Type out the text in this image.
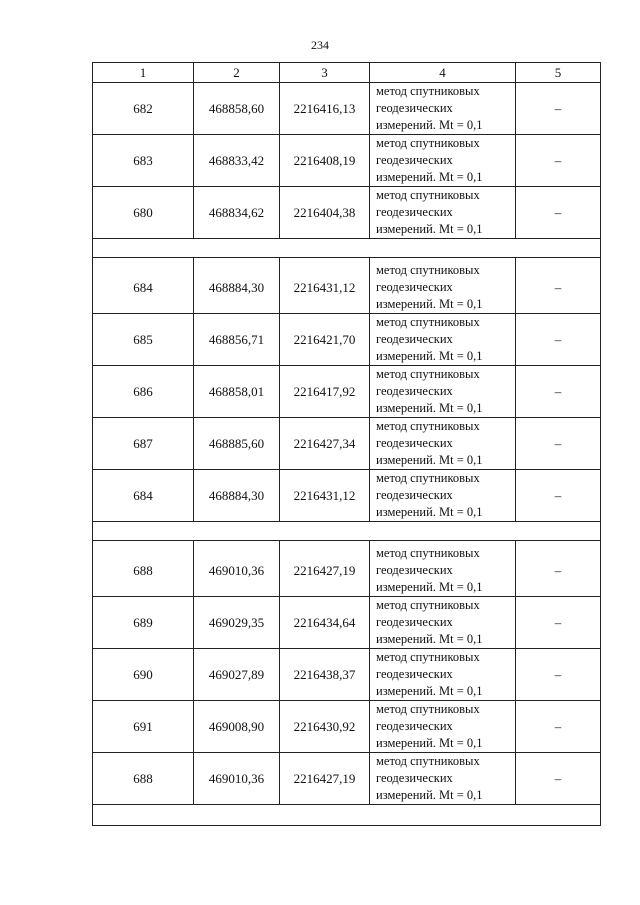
234
1	2	3	4	5
682	468858,60	2216416,13	метод спутниковых
геодезических
измерений. Mt = 0,1	–
683	468833,42	2216408,19	метод спутниковых
геодезических
измерений. Mt = 0,1	–
680	468834,62	2216404,38	метод спутниковых
геодезических
измерений. Mt = 0,1	–

684	468884,30	2216431,12	метод спутниковых
геодезических
измерений. Mt = 0,1	–
685	468856,71	2216421,70	метод спутниковых
геодезических
измерений. Mt = 0,1	–
686	468858,01	2216417,92	метод спутниковых
геодезических
измерений. Mt = 0,1	–
687	468885,60	2216427,34	метод спутниковых
геодезических
измерений. Mt = 0,1	–
684	468884,30	2216431,12	метод спутниковых
геодезических
измерений. Mt = 0,1	–

688	469010,36	2216427,19	метод спутниковых
геодезических
измерений. Mt = 0,1	–
689	469029,35	2216434,64	метод спутниковых
геодезических
измерений. Mt = 0,1	–
690	469027,89	2216438,37	метод спутниковых
геодезических
измерений. Mt = 0,1	–
691	469008,90	2216430,92	метод спутниковых
геодезических
измерений. Mt = 0,1	–
688	469010,36	2216427,19	метод спутниковых
геодезических
измерений. Mt = 0,1	–
